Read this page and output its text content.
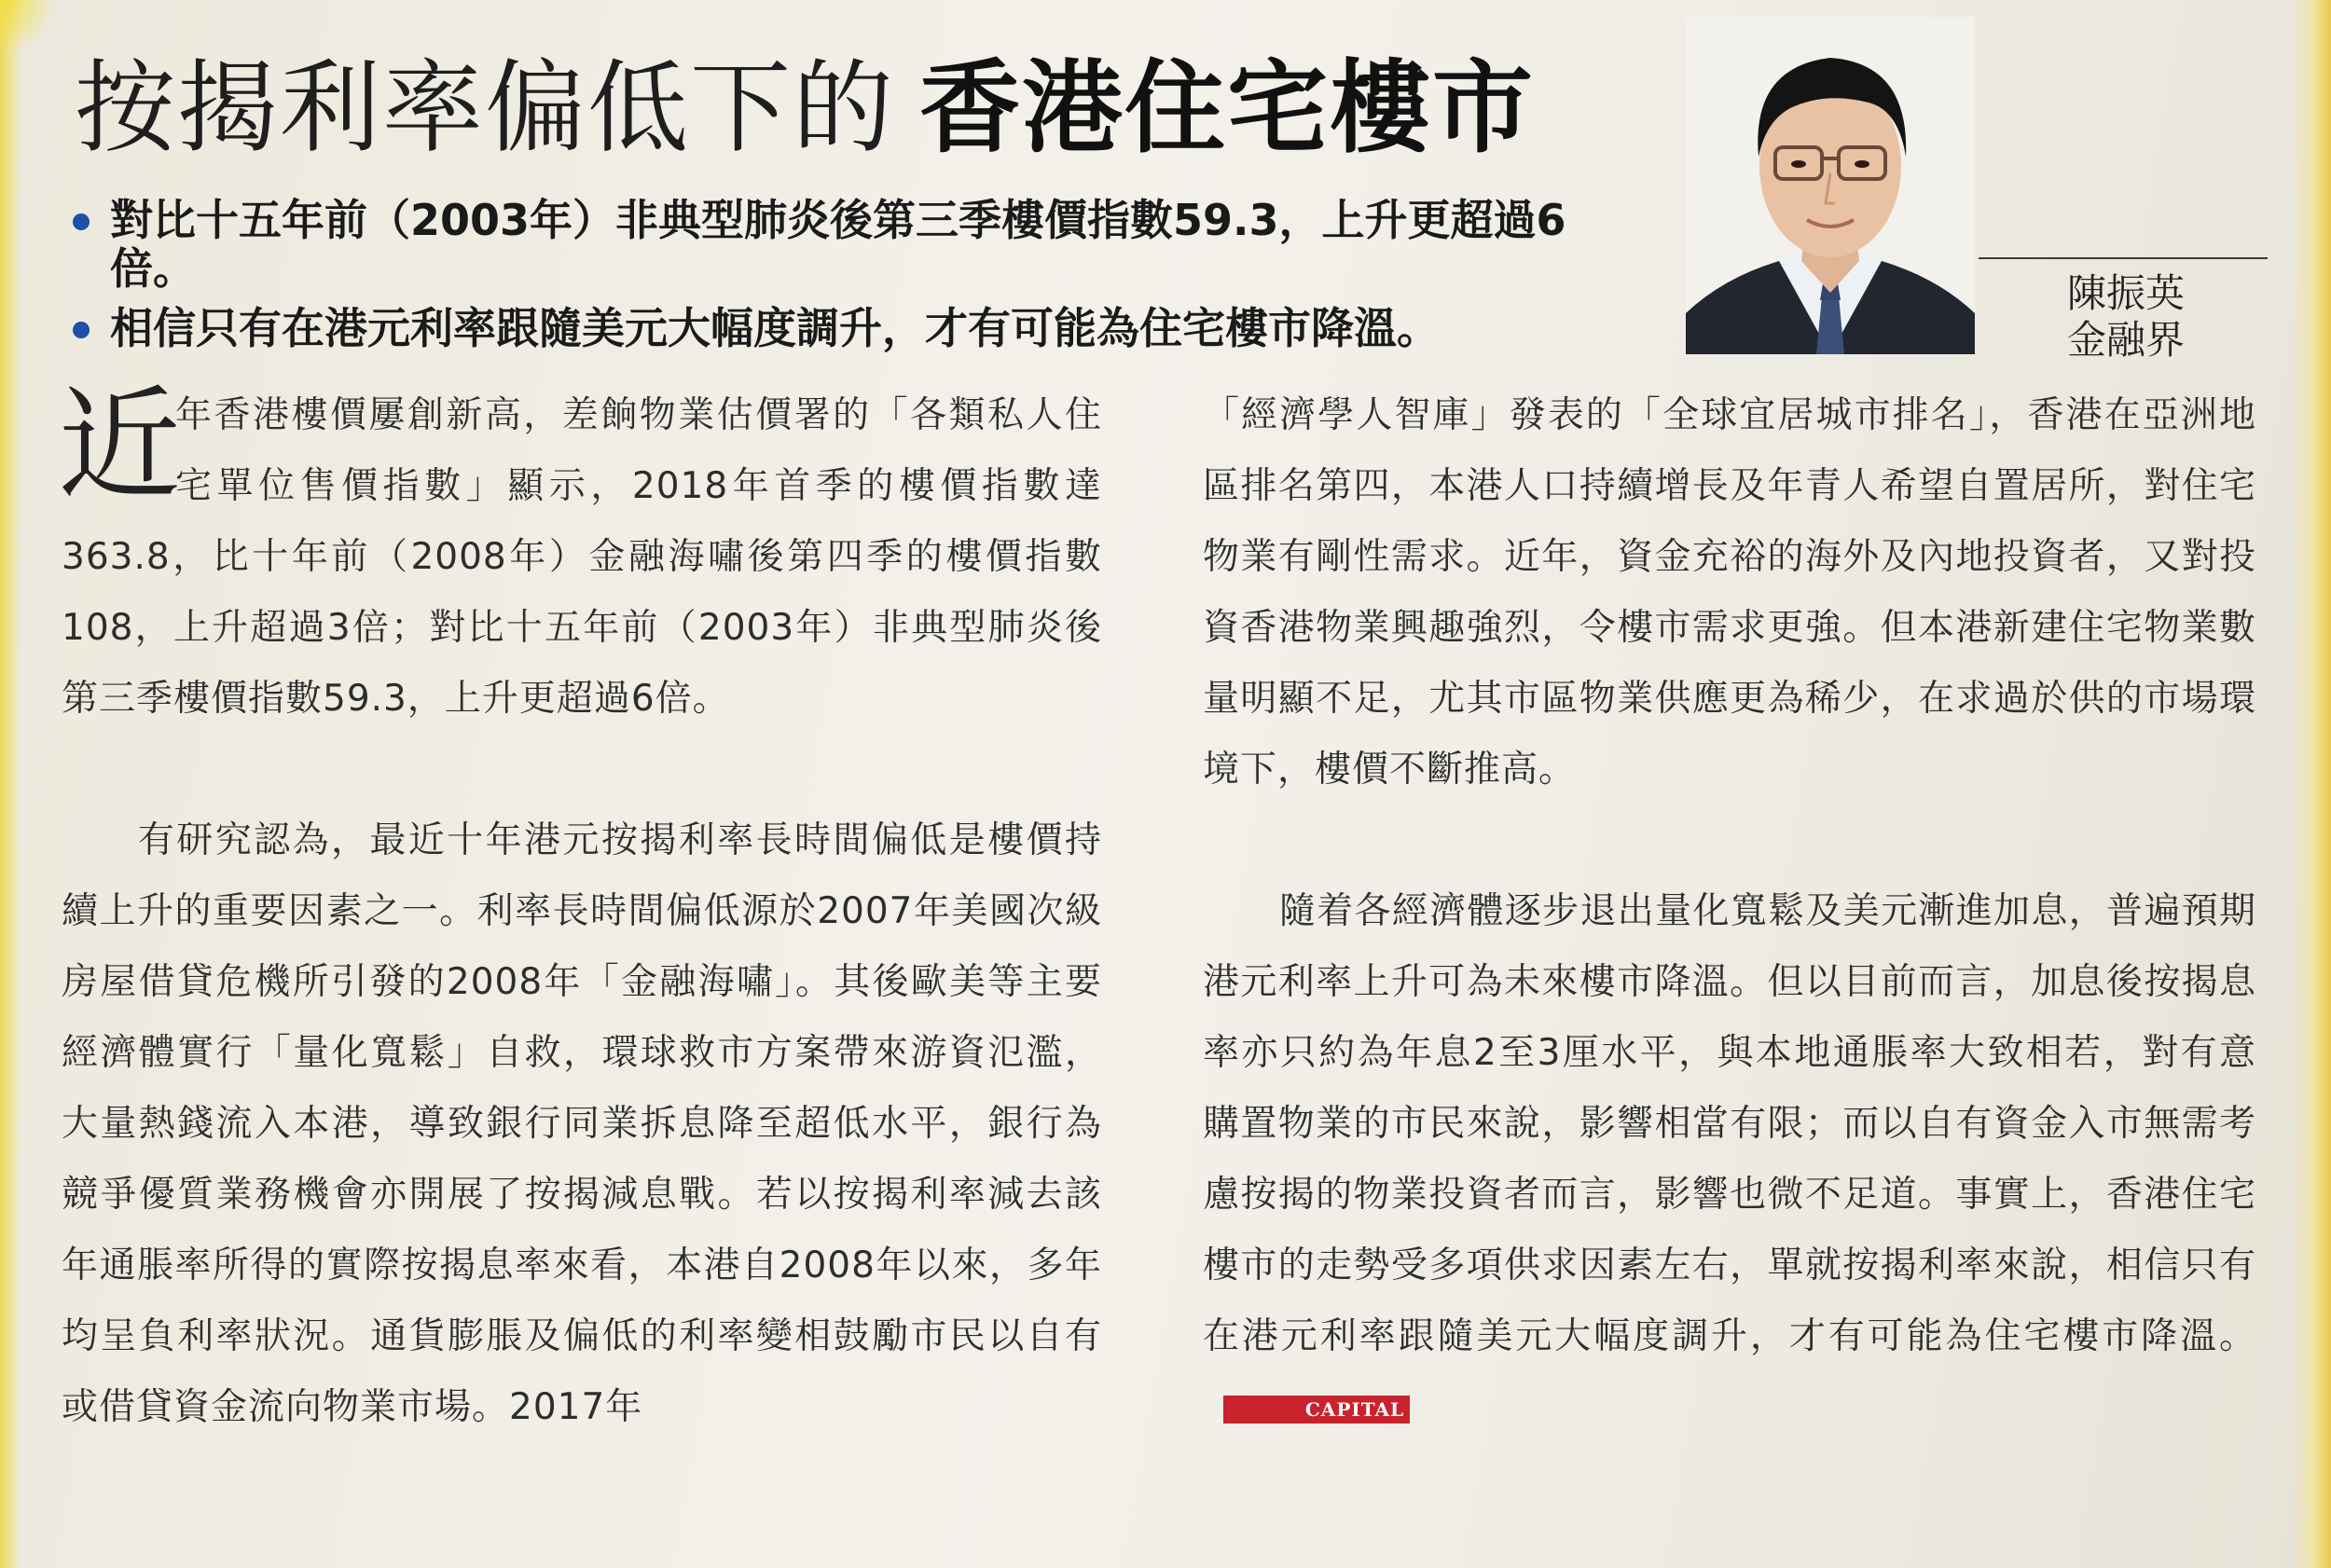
按揭利率偏低下的 香港住宅樓市
對比十五年前（2003年）非典型肺炎後第三季樓價指數59.3，上升更超過6倍。
相信只有在港元利率跟隨美元大幅度調升，才有可能為住宅樓市降溫。
陳振英
金融界

近
年香港樓價屢創新高，差餉物業估價署的「各類私人住宅單位售價指數」顯示，2018年首季的樓價指數達363.8，比十年前（2008年）金融海嘯後第四季的樓價指數108，上升超過3倍；對比十五年前（2003年）非典型肺炎後第三季樓價指數59.3，上升更超過6倍。

有研究認為，最近十年港元按揭利率長時間偏低是樓價持續上升的重要因素之一。利率長時間偏低源於2007年美國次級房屋借貸危機所引發的2008年「金融海嘯」。其後歐美等主要經濟體實行「量化寬鬆」自救，環球救市方案帶來游資氾濫，大量熱錢流入本港，導致銀行同業拆息降至超低水平，銀行為競爭優質業務機會亦開展了按揭減息戰。若以按揭利率減去該年通脹率所得的實際按揭息率來看，本港自2008年以來，多年均呈負利率狀況。通貨膨脹及偏低的利率變相鼓勵市民以自有或借貸資金流向物業市場。2017年

「經濟學人智庫」發表的「全球宜居城市排名」，香港在亞洲地區排名第四，本港人口持續增長及年青人希望自置居所，對住宅物業有剛性需求。近年，資金充裕的海外及內地投資者，又對投資香港物業興趣強烈，令樓市需求更強。但本港新建住宅物業數量明顯不足，尤其市區物業供應更為稀少，在求過於供的市場環境下，樓價不斷推高。

隨着各經濟體逐步退出量化寬鬆及美元漸進加息，普遍預期港元利率上升可為未來樓市降溫。但以目前而言，加息後按揭息率亦只約為年息2至3厘水平，與本地通脹率大致相若，對有意購置物業的市民來說，影響相當有限；而以自有資金入市無需考慮按揭的物業投資者而言，影響也微不足道。事實上，香港住宅樓市的走勢受多項供求因素左右，單就按揭利率來說，相信只有在港元利率跟隨美元大幅度調升，才有可能為住宅樓市降溫。CAPITAL
